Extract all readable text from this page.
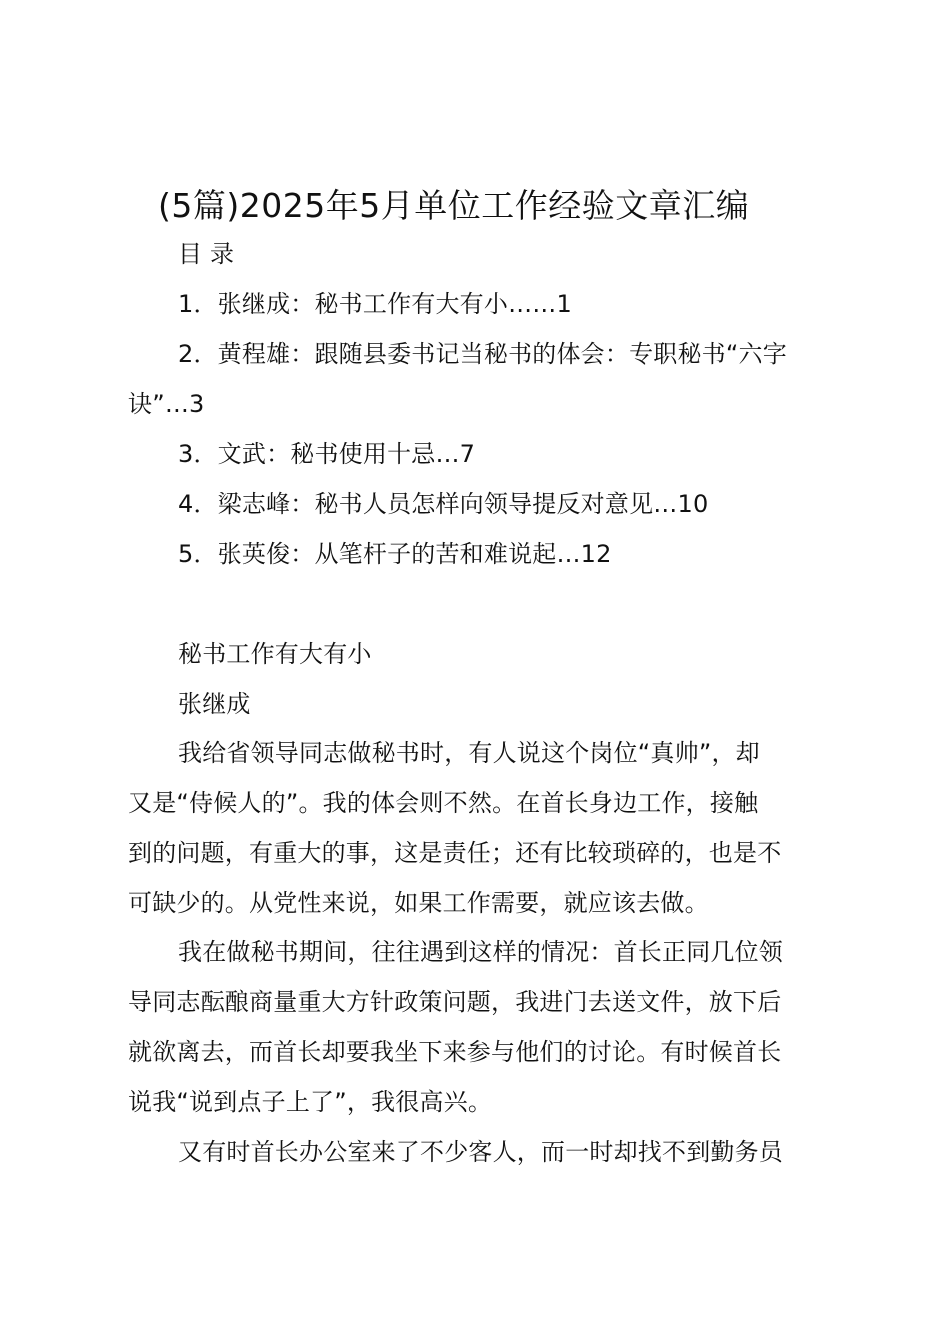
(5篇)2025年5月单位工作经验文章汇编
目 录
1．张继成：秘书工作有大有小……1
2．黄程雄：跟随县委书记当秘书的体会：专职秘书“六字
诀”…3
3．文武：秘书使用十忌…7
4．梁志峰：秘书人员怎样向领导提反对意见…10
5．张英俊：从笔杆子的苦和难说起…12
秘书工作有大有小
张继成
我给省领导同志做秘书时，有人说这个岗位“真帅”，却
又是“侍候人的”。我的体会则不然。在首长身边工作，接触
到的问题，有重大的事，这是责任；还有比较琐碎的，也是不
可缺少的。从党性来说，如果工作需要，就应该去做。
我在做秘书期间，往往遇到这样的情况：首长正同几位领
导同志酝酿商量重大方针政策问题，我进门去送文件，放下后
就欲离去，而首长却要我坐下来参与他们的讨论。有时候首长
说我“说到点子上了”，我很高兴。
又有时首长办公室来了不少客人，而一时却找不到勤务员
